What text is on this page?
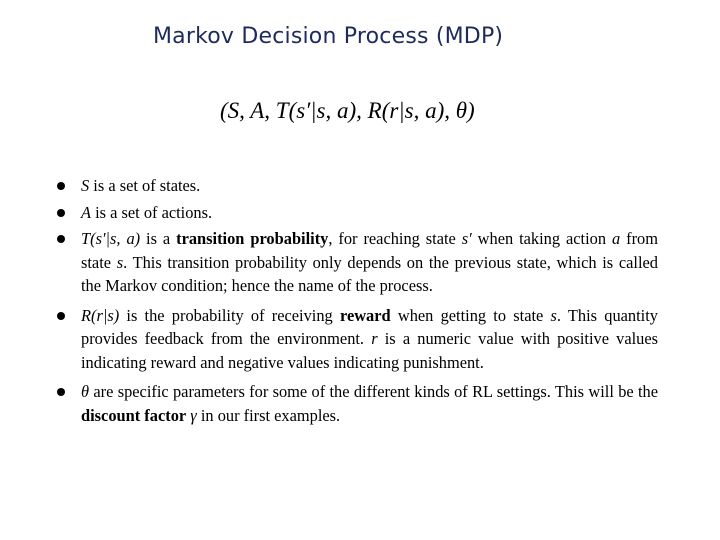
Markov Decision Process (MDP)
(S, A, T(s′|s, a), R(r|s, a), θ)
S is a set of states.
A is a set of actions.
T(s′|s, a) is a transition probability, for reaching state s′ when taking action a from state s. This transition probability only depends on the previous state, which is called the Markov condition; hence the name of the process.
R(r|s) is the probability of receiving reward when getting to state s. This quantity provides feedback from the environment. r is a numeric value with positive values indicating reward and negative values indicating punishment.
θ are specific parameters for some of the different kinds of RL settings. This will be the discount factor γ in our first examples.
